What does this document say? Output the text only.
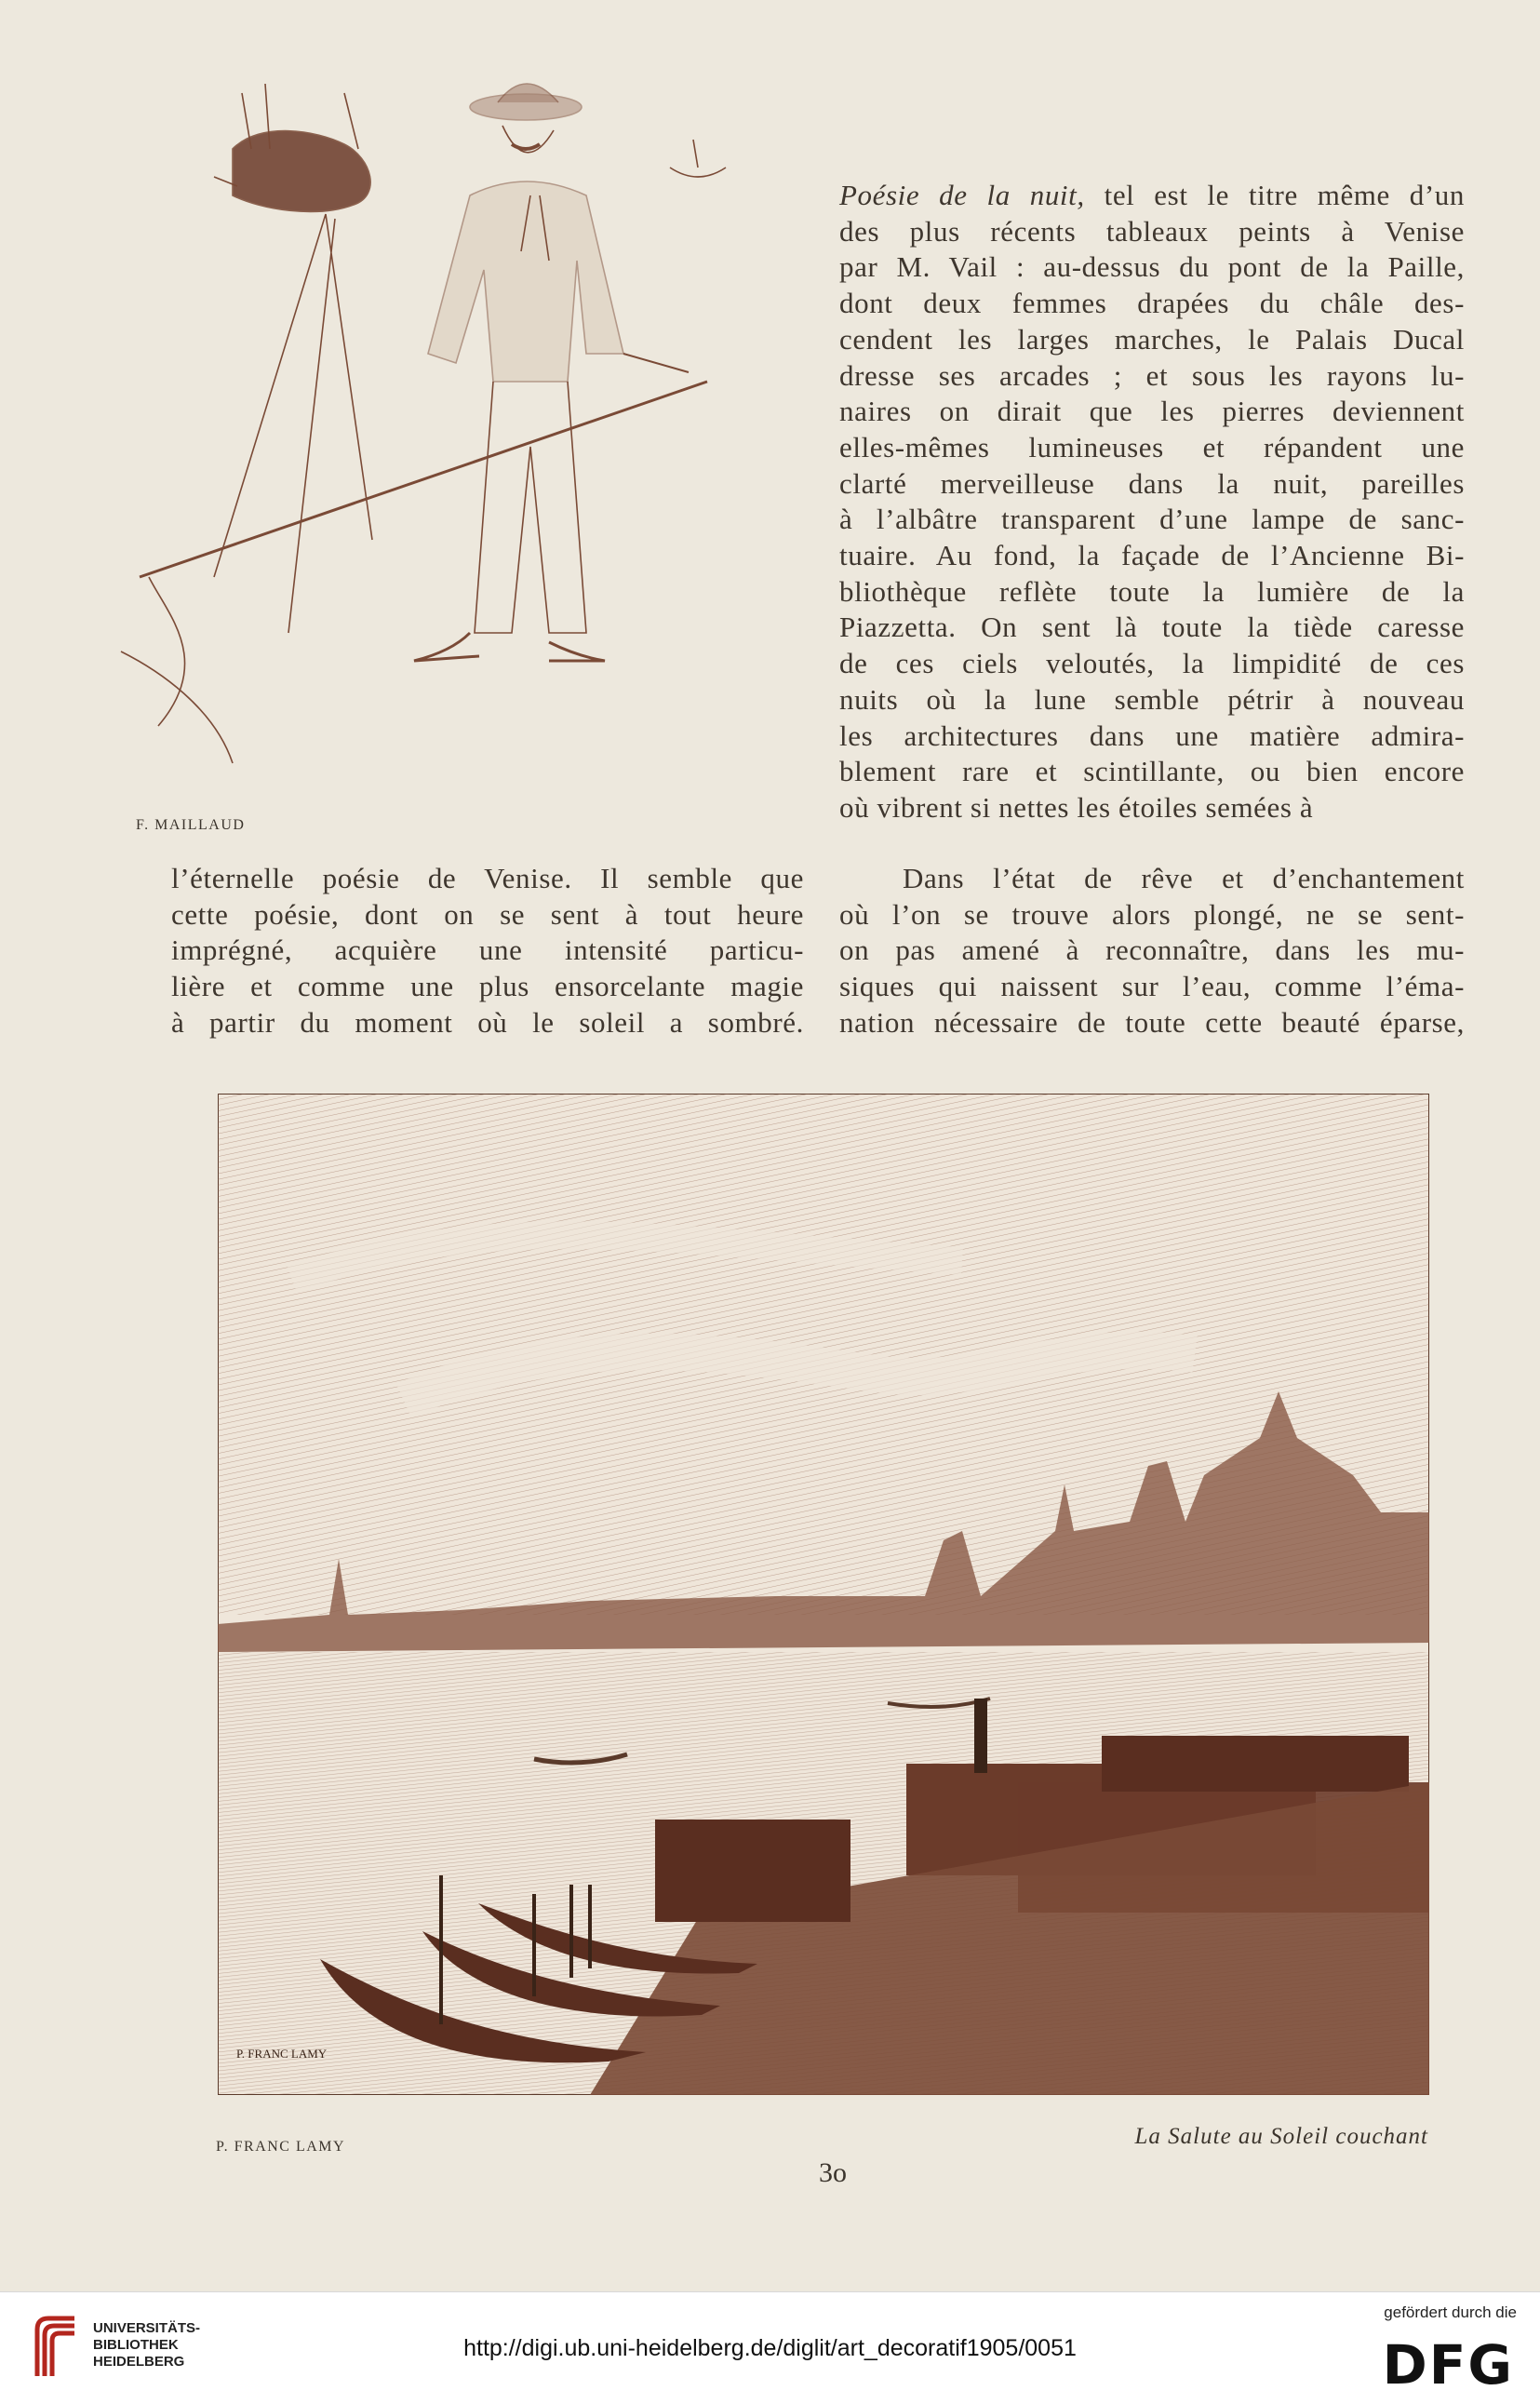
F. MAILLAUD
l’éternelle poésie de Venise. Il semble que
cette poésie, dont on se sent à tout heure
imprégné, acquière une intensité particu-
lière et comme une plus ensorcelante magie
à partir du moment où le soleil a sombré.
Poésie de la nuit, tel est le titre même d’un
des plus récents tableaux peints à Venise
par M. Vail : au-dessus du pont de la Paille,
dont deux femmes drapées du châle des-
cendent les larges marches, le Palais Ducal
dresse ses arcades ; et sous les rayons lu-
naires on dirait que les pierres deviennent
elles-mêmes lumineuses et répandent une
clarté merveilleuse dans la nuit, pareilles
à l’albâtre transparent d’une lampe de sanc-
tuaire. Au fond, la façade de l’Ancienne Bi-
bliothèque reflète toute la lumière de la
Piazzetta. On sent là toute la tiède caresse
de ces ciels veloutés, la limpidité de ces
nuits où la lune semble pétrir à nouveau
les architectures dans une matière admira-
blement rare et scintillante, ou bien encore
où vibrent si nettes les étoiles semées à
Dans l’état de rêve et d’enchantement
où l’on se trouve alors plongé, ne se sent-
on pas amené à reconnaître, dans les mu-
siques qui naissent sur l’eau, comme l’éma-
nation nécessaire de toute cette beauté éparse,
P. FRANC LAMY
P. FRANC LAMY	La Salute au Soleil couchant
3o
UNIVERSITÄTS-
BIBLIOTHEK
HEIDELBERG
http://digi.ub.uni-heidelberg.de/diglit/art_decoratif1905/0051
gefördert durch die
DFG
